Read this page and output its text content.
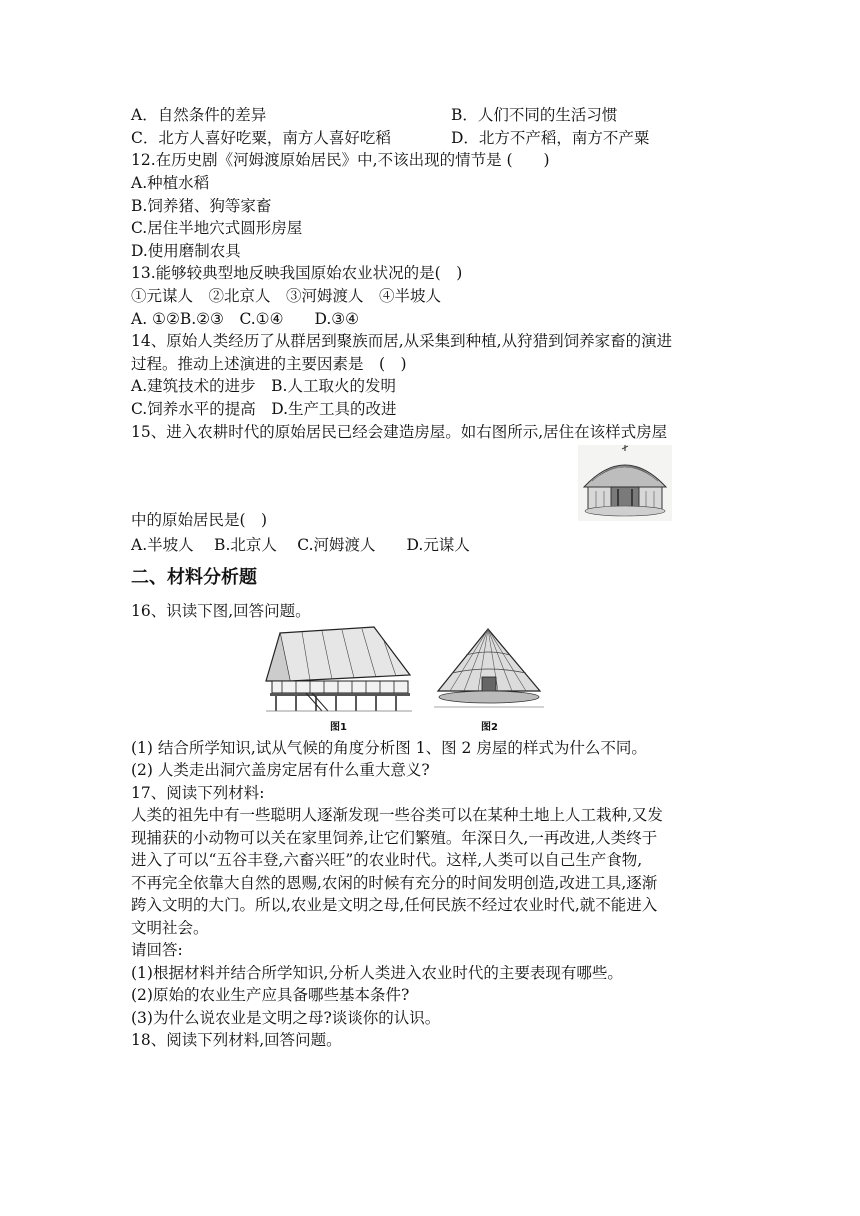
A．自然条件的差异	B．人们不同的生活习惯
C．北方人喜好吃粟，南方人喜好吃稻	D．北方不产稻，南方不产粟
12.在历史剧《河姆渡原始居民》中,不该出现的情节是 (　　)
A.种植水稻
B.饲养猪、狗等家畜
C.居住半地穴式圆形房屋
D.使用磨制农具
13.能够较典型地反映我国原始农业状况的是(　)
①元谋人　②北京人　③河姆渡人　④半坡人
A. ①②B.②③　C.①④　　D.③④
14、原始人类经历了从群居到聚族而居,从采集到种植,从狩猎到饲养家畜的演进
过程。推动上述演进的主要因素是　(　)
A.建筑技术的进步　B.人工取火的发明
C.饲养水平的提高　D.生产工具的改进
15、进入农耕时代的原始居民已经会建造房屋。如右图所示,居住在该样式房屋
中的原始居民是(　)
A.半坡人　 B.北京人　 C.河姆渡人　　D.元谋人
二、材料分析题
16、识读下图,回答问题。
图1	图2
(1) 结合所学知识,试从气候的角度分析图 1、图 2 房屋的样式为什么不同。
(2) 人类走出洞穴盖房定居有什么重大意义?
17、阅读下列材料:
人类的祖先中有一些聪明人逐渐发现一些谷类可以在某种土地上人工栽种,又发
现捕获的小动物可以关在家里饲养,让它们繁殖。年深日久,一再改进,人类终于
进入了可以“五谷丰登,六畜兴旺”的农业时代。这样,人类可以自己生产食物,
不再完全依靠大自然的恩赐,农闲的时候有充分的时间发明创造,改进工具,逐渐
跨入文明的大门。所以,农业是文明之母,任何民族不经过农业时代,就不能进入
文明社会。
请回答:
(1)根据材料并结合所学知识,分析人类进入农业时代的主要表现有哪些。
(2)原始的农业生产应具备哪些基本条件?
(3)为什么说农业是文明之母?谈谈你的认识。
18、阅读下列材料,回答问题。
